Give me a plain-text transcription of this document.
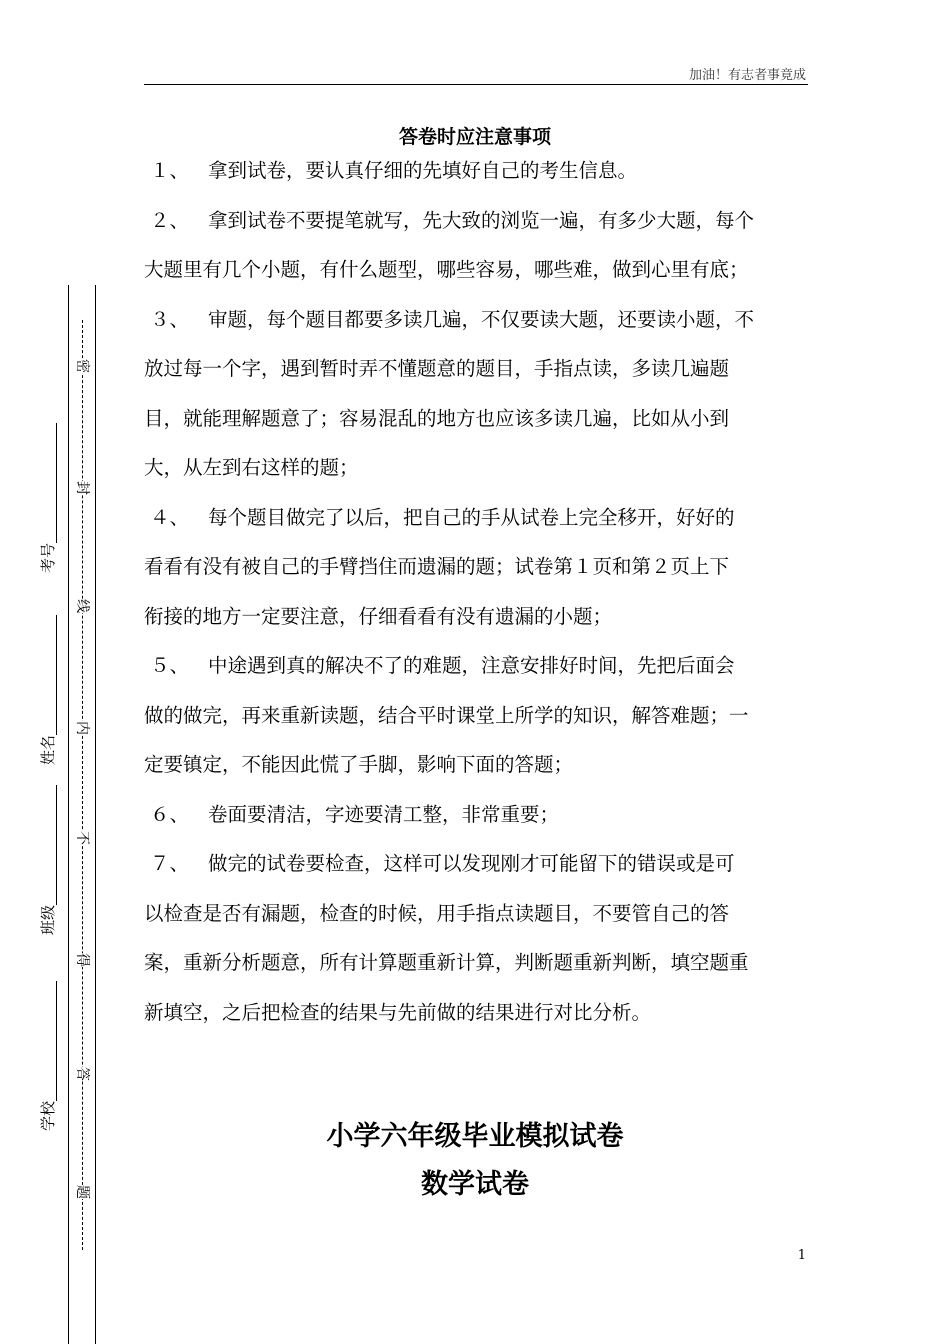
加油！有志者事竟成
答卷时应注意事项
１、 拿到试卷，要认真仔细的先填好自己的考生信息。
２、 拿到试卷不要提笔就写，先大致的浏览一遍，有多少大题，每个
大题里有几个小题，有什么题型，哪些容易，哪些难，做到心里有底；
３、 审题，每个题目都要多读几遍，不仅要读大题，还要读小题，不
放过每一个字，遇到暂时弄不懂题意的题目，手指点读，多读几遍题
目，就能理解题意了；容易混乱的地方也应该多读几遍，比如从小到
大，从左到右这样的题；
４、 每个题目做完了以后，把自己的手从试卷上完全移开，好好的
看看有没有被自己的手臂挡住而遗漏的题；试卷第１页和第２页上下
衔接的地方一定要注意，仔细看看有没有遗漏的小题；
５、 中途遇到真的解决不了的难题，注意安排好时间，先把后面会
做的做完，再来重新读题，结合平时课堂上所学的知识，解答难题；一
定要镇定，不能因此慌了手脚，影响下面的答题；
６、 卷面要清洁，字迹要清工整，非常重要；
７、 做完的试卷要检查，这样可以发现刚才可能留下的错误或是可
以检查是否有漏题，检查的时候，用手指点读题目，不要管自己的答
案，重新分析题意，所有计算题重新计算，判断题重新判断，填空题重
新填空，之后把检查的结果与先前做的结果进行对比分析。
小学六年级毕业模拟试卷
数学试卷
1
密
封
线
内
不
得
答
题
考号
姓名
班级
学校
